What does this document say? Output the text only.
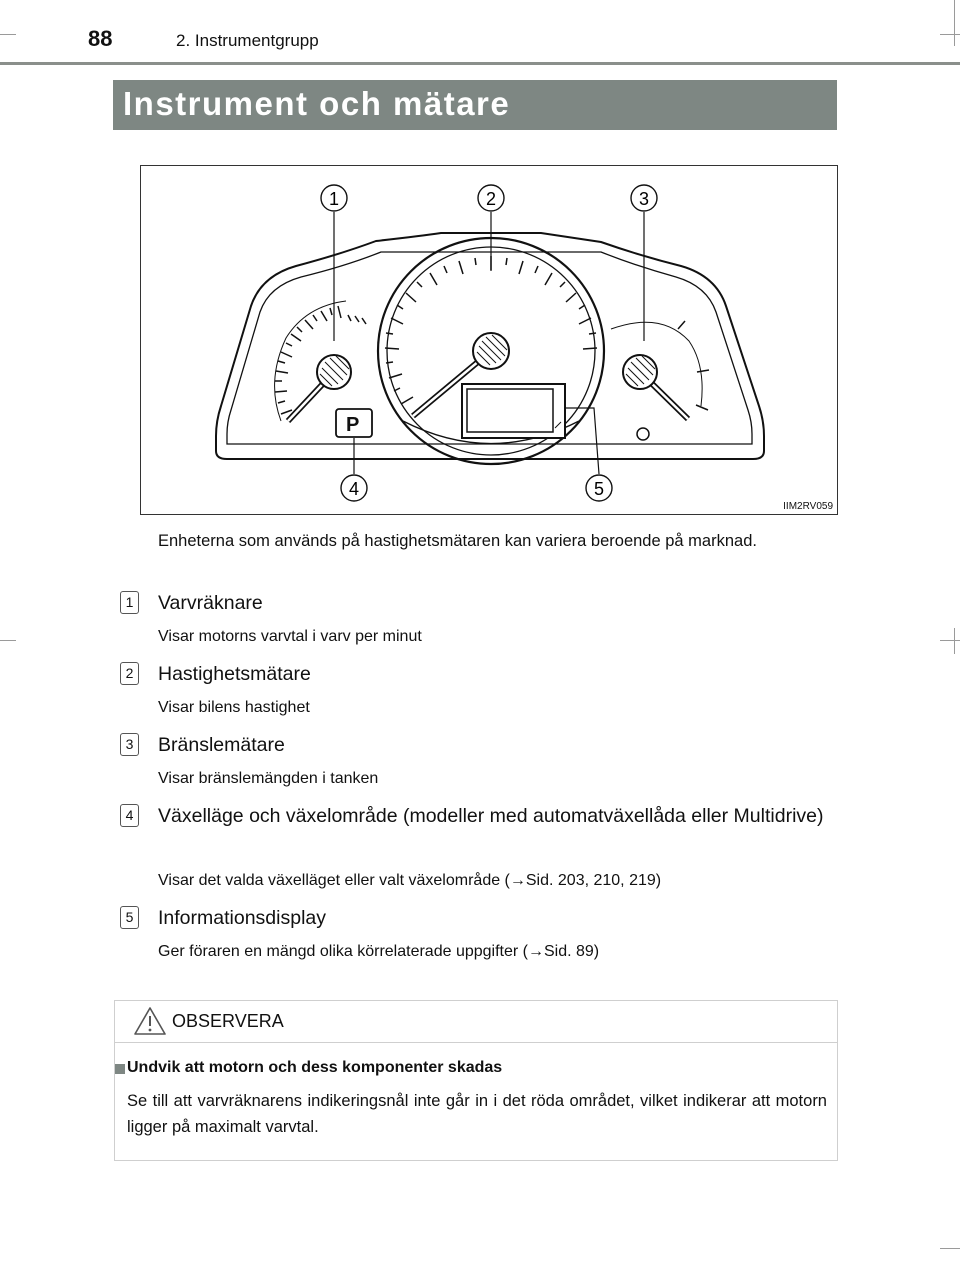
88	2. Instrumentgrupp
Instrument och mätare
P
1	2	3
4	5
IIM2RV059
Enheterna som används på hastighetsmätaren kan variera beroende på marknad.
1 Varvräknare
Visar motorns varvtal i varv per minut
2 Hastighetsmätare
Visar bilens hastighet
3 Bränslemätare
Visar bränslemängden i tanken
4 Växelläge och växelområde (modeller med automatväxellåda eller Multidrive)
Visar det valda växelläget eller valt växelområde (→Sid. 203, 210, 219)
5 Informationsdisplay
Ger föraren en mängd olika körrelaterade uppgifter (→Sid. 89)
OBSERVERA
Undvik att motorn och dess komponenter skadas
Se till att varvräknarens indikeringsnål inte går in i det röda området, vilket indikerar att motorn ligger på maximalt varvtal.
